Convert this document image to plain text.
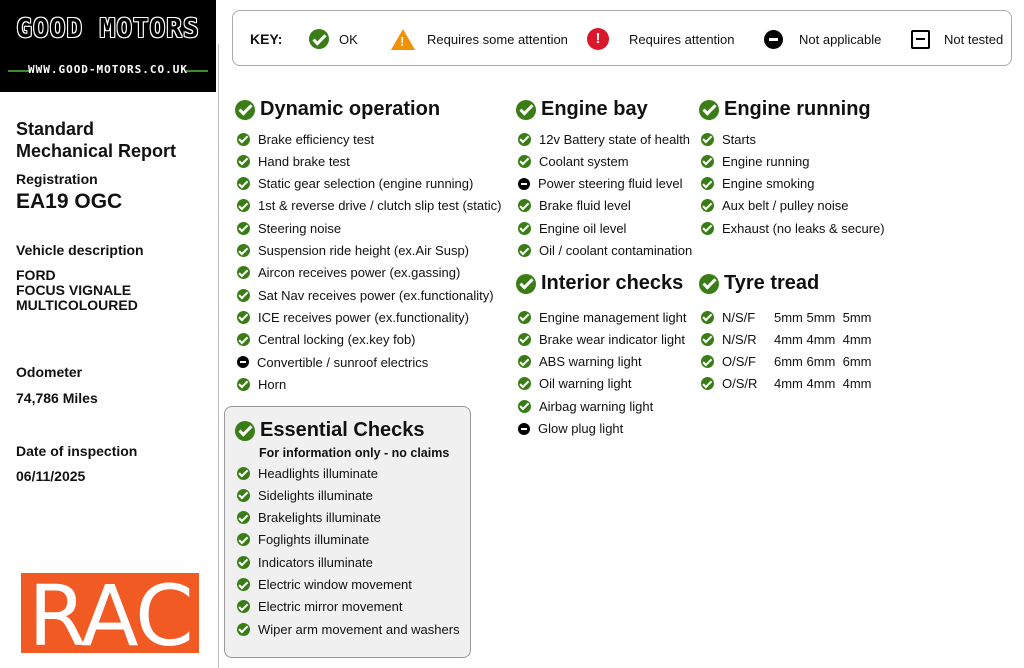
GOOD MOTORS
WWW.GOOD-MOTORS.CO.UK
Standard
Mechanical Report
Registration
EA19 OGC
Vehicle description
FORD
FOCUS VIGNALE
MULTICOLOURED
Odometer
74,786 Miles
Date of inspection
06/11/2025
RAC
KEY:	OK !	Requires some attention !	Requires attention	Not applicable	Not tested
Dynamic operation
Brake efficiency test
Hand brake test
Static gear selection (engine running)
1st & reverse drive / clutch slip test (static)
Steering noise
Suspension ride height (ex.Air Susp)
Aircon receives power (ex.gassing)
Sat Nav receives power (ex.functionality)
ICE receives power (ex.functionality)
Central locking (ex.key fob)
Convertible / sunroof electrics
Horn
Essential Checks
For information only - no claims
Headlights illuminate
Sidelights illuminate
Brakelights illuminate
Foglights illuminate
Indicators illuminate
Electric window movement
Electric mirror movement
Wiper arm movement and washers
Engine bay
12v Battery state of health
Coolant system
Power steering fluid level
Brake fluid level
Engine oil level
Oil / coolant contamination
Interior checks
Engine management light
Brake wear indicator light
ABS warning light
Oil warning light
Airbag warning light
Glow plug light
Engine running
Starts
Engine running
Engine smoking
Aux belt / pulley noise
Exhaust (no leaks & secure)
Tyre tread
N/S/F	5mm 5mm  5mm
N/S/R	4mm 4mm  4mm
O/S/F	6mm 6mm  6mm
O/S/R	4mm 4mm  4mm
